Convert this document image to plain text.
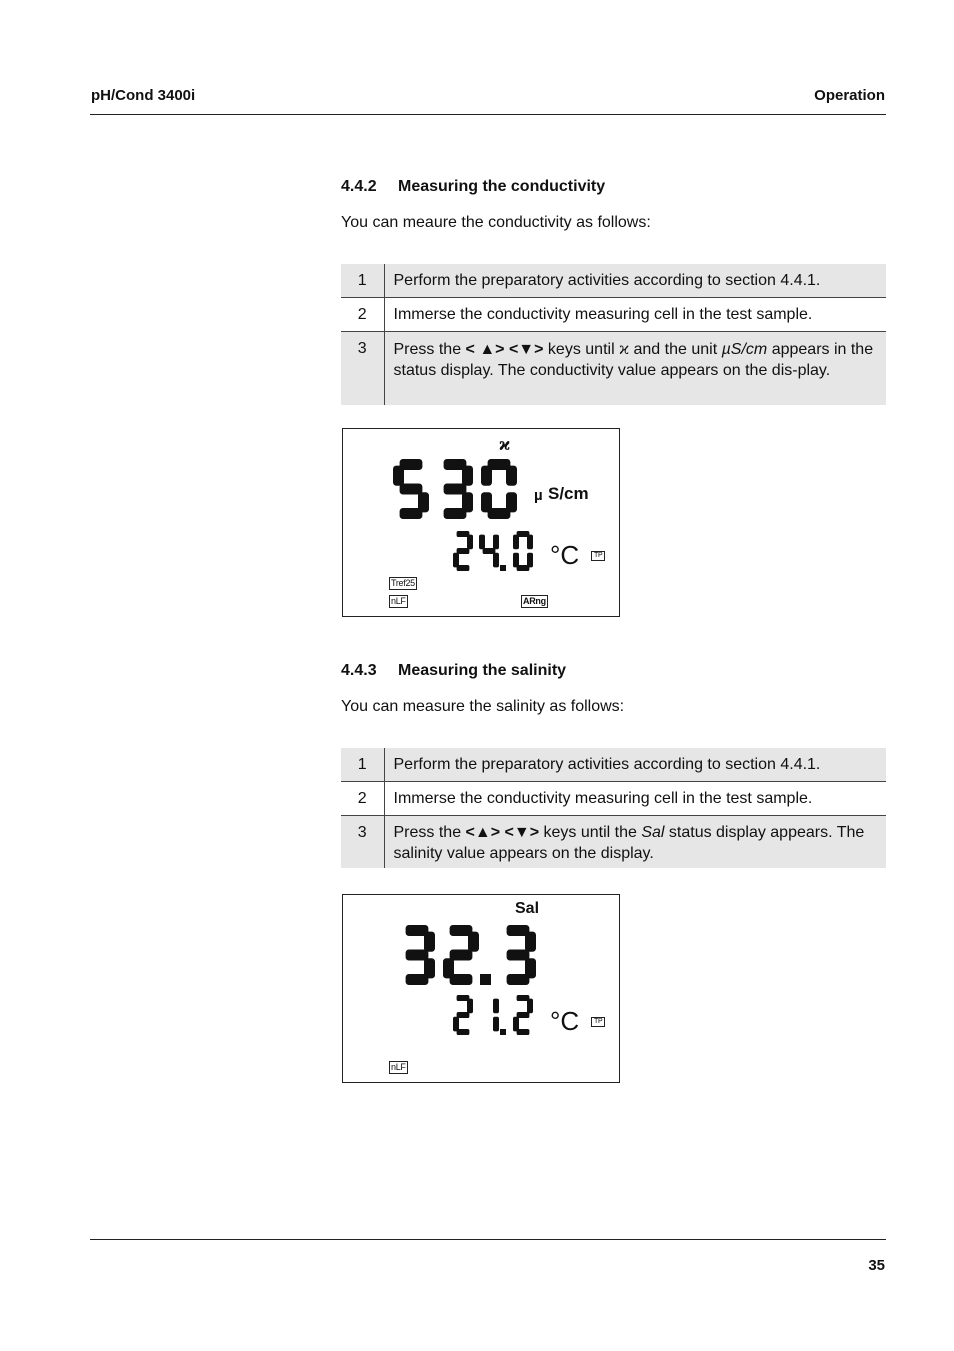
pH/Cond 3400i	Operation
4.4.2 Measuring the conductivity
You can meaure the conductivity as follows:
1	Perform the preparatory activities according to section 4.4.1.
2	Immerse the conductivity measuring cell in the test sample.
3	Press the < ▲> <▼> keys until ϰ and the unit µS/cm appears in the status display. The conductivity value appears on the dis-play.
ϰ
µ S/cm
°C	TP
Tref25
nLF	ARng
4.4.3 Measuring the salinity
You can measure the salinity as follows:
1	Perform the preparatory activities according to section 4.4.1.
2	Immerse the conductivity measuring cell in the test sample.
3	Press the <▲> <▼> keys until the Sal status display appears. The salinity value appears on the display.
Sal
°C	TP
nLF
35
